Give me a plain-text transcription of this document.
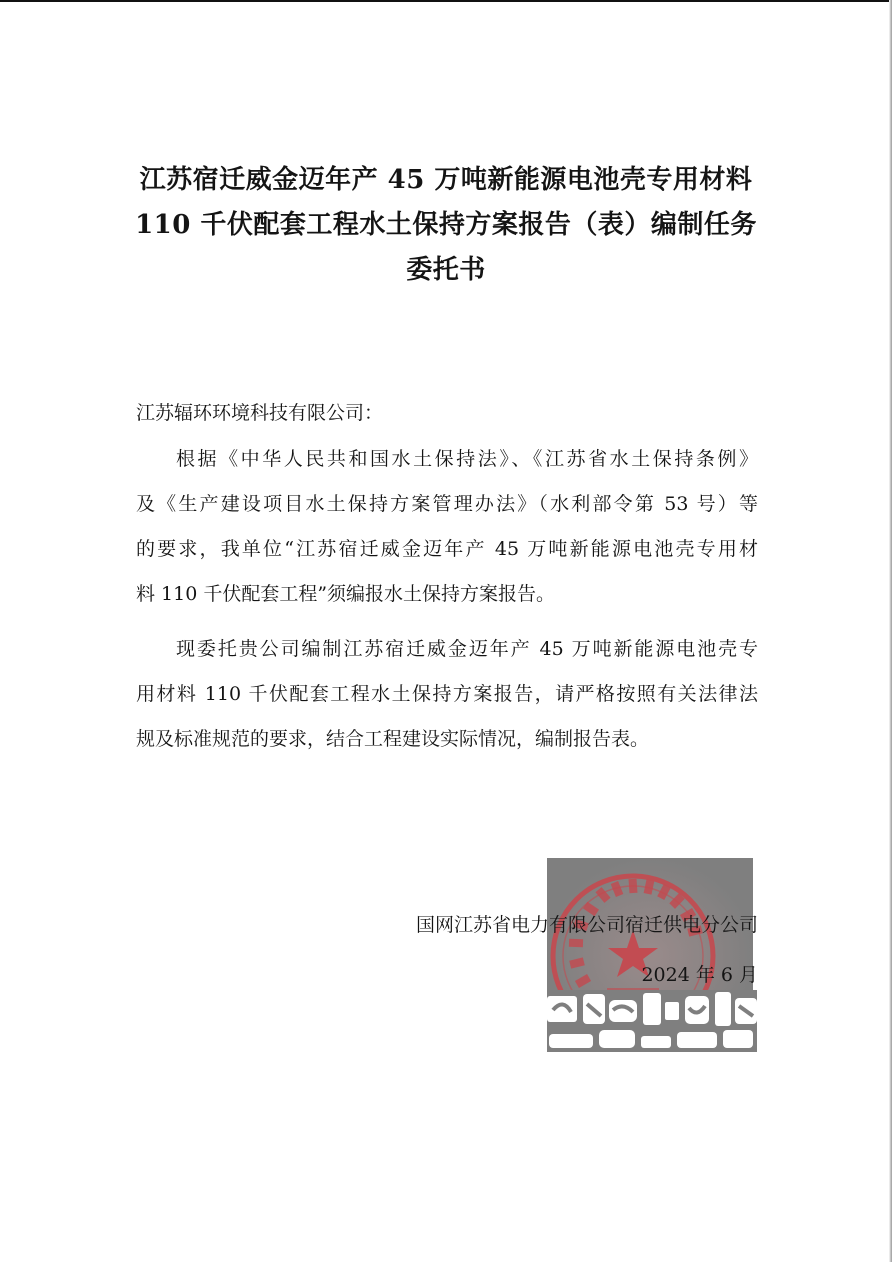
江苏宿迁威金迈年产 45 万吨新能源电池壳专用材料
110 千伏配套工程水土保持方案报告（表）编制任务
委托书

江苏辐环环境科技有限公司：

根据《中华人民共和国水土保持法》、《江苏省水土保持条例》
及《生产建设项目水土保持方案管理办法》（水利部令第 53 号）等
的要求，我单位“江苏宿迁威金迈年产 45 万吨新能源电池壳专用材
料 110 千伏配套工程”须编报水土保持方案报告。

现委托贵公司编制江苏宿迁威金迈年产 45 万吨新能源电池壳专
用材料 110 千伏配套工程水土保持方案报告，请严格按照有关法律法
规及标准规范的要求，结合工程建设实际情况，编制报告表。

国网江苏省电力有限公司宿迁供电分公司
2024 年 6 月
